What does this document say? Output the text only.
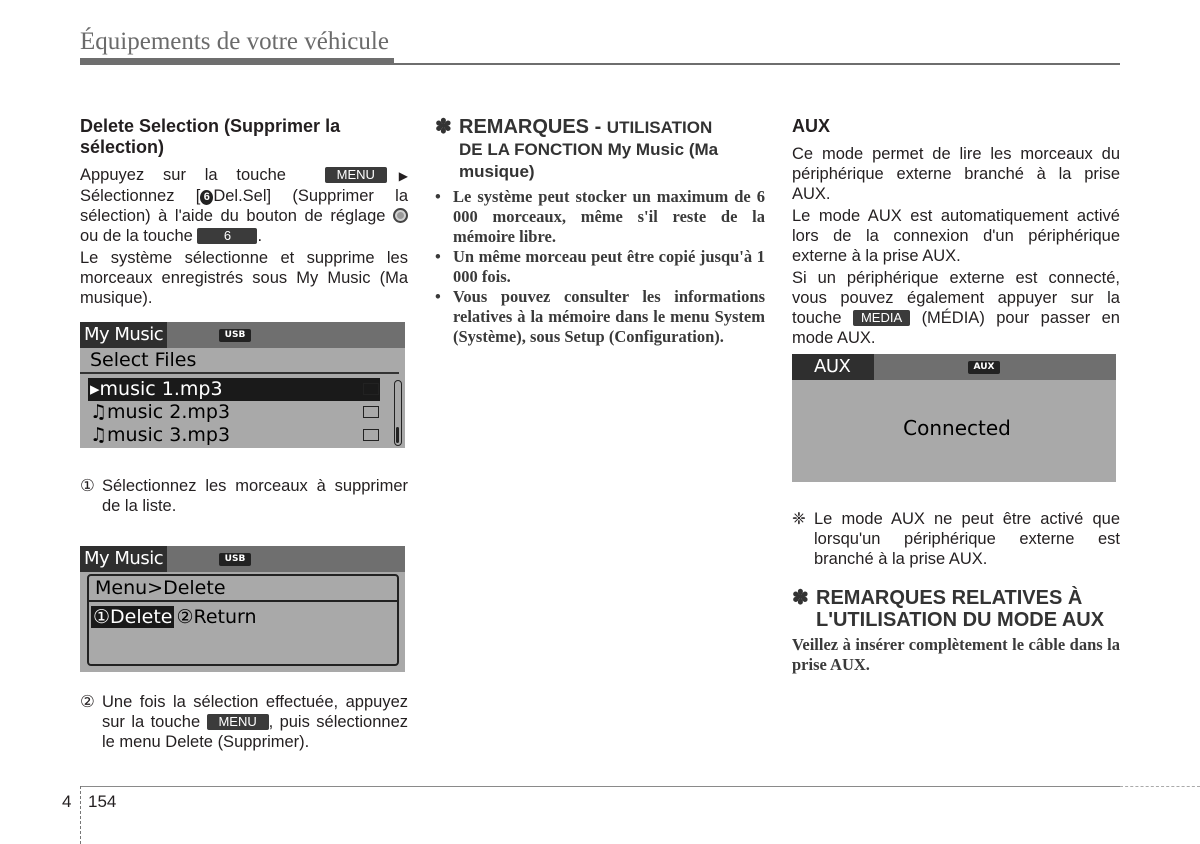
Équipements de votre véhicule

Delete Selection (Supprimer la sélection)

Appuyez sur la touche	MENU ▶ Sélectionnez [ 6 Del.Sel] (Supprimer la sélection) à l'aide du bouton de réglage  ou de la touche 6 .

Le système sélectionne et supprime les morceaux enregistrés sous My Music (Ma musique).

My Music	USB
Select Files
▸music 1.mp3
♫music 2.mp3
♫music 3.mp3
① Sélectionnez les morceaux à supprimer de la liste.
My Music	USB
Menu>Delete
①Delete ②Return
② Une fois la sélection effectuée, appuyez sur la touche MENU , puis sélectionnez le menu Delete (Supprimer).
✽ REMARQUES - UTILISATION
DE LA FONCTION My Music (Ma musique)
• Le système peut stocker un maximum de 6 000 morceaux, même s'il reste de la mémoire libre.
• Un même morceau peut être copié jusqu'à 1 000 fois.
• Vous pouvez consulter les informations relatives à la mémoire dans le menu System (Système), sous Setup (Configuration).

AUX

Ce mode permet de lire les morceaux du périphérique externe branché à la prise AUX.

Le mode AUX est automatiquement activé lors de la connexion d'un périphérique externe à la prise AUX.

Si un périphérique externe est connecté, vous pouvez également appuyer sur la touche MEDIA (MÉDIA) pour passer en mode AUX.

AUX	AUX
Connected
❈ Le mode AUX ne peut être activé que lorsqu'un périphérique externe est branché à la prise AUX.
✽ REMARQUES RELATIVES À L'UTILISATION DU MODE AUX

Veillez à insérer complètement le câble dans la prise AUX.

4 154
